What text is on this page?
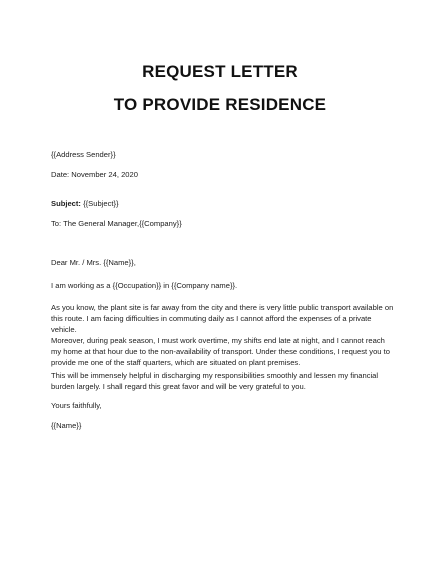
REQUEST LETTER
TO PROVIDE RESIDENCE
{{Address Sender}}
Date: November 24, 2020
Subject: {{Subject}}
To: The General Manager,{{Company}}
Dear Mr. / Mrs. {{Name}},
I am working as a {{Occupation}} in {{Company name}}.
As you know, the plant site is far away from the city and there is very little public transport available on this route. I am facing difficulties in commuting daily as I cannot afford the expenses of a private vehicle.
Moreover, during peak season, I must work overtime, my shifts end late at night, and I cannot reach my home at that hour due to the non-availability of transport. Under these conditions, I request you to provide me one of the staff quarters, which are situated on plant premises.
This will be immensely helpful in discharging my responsibilities smoothly and lessen my financial burden largely. I shall regard this great favor and will be very grateful to you.
Yours faithfully,
{{Name}}
